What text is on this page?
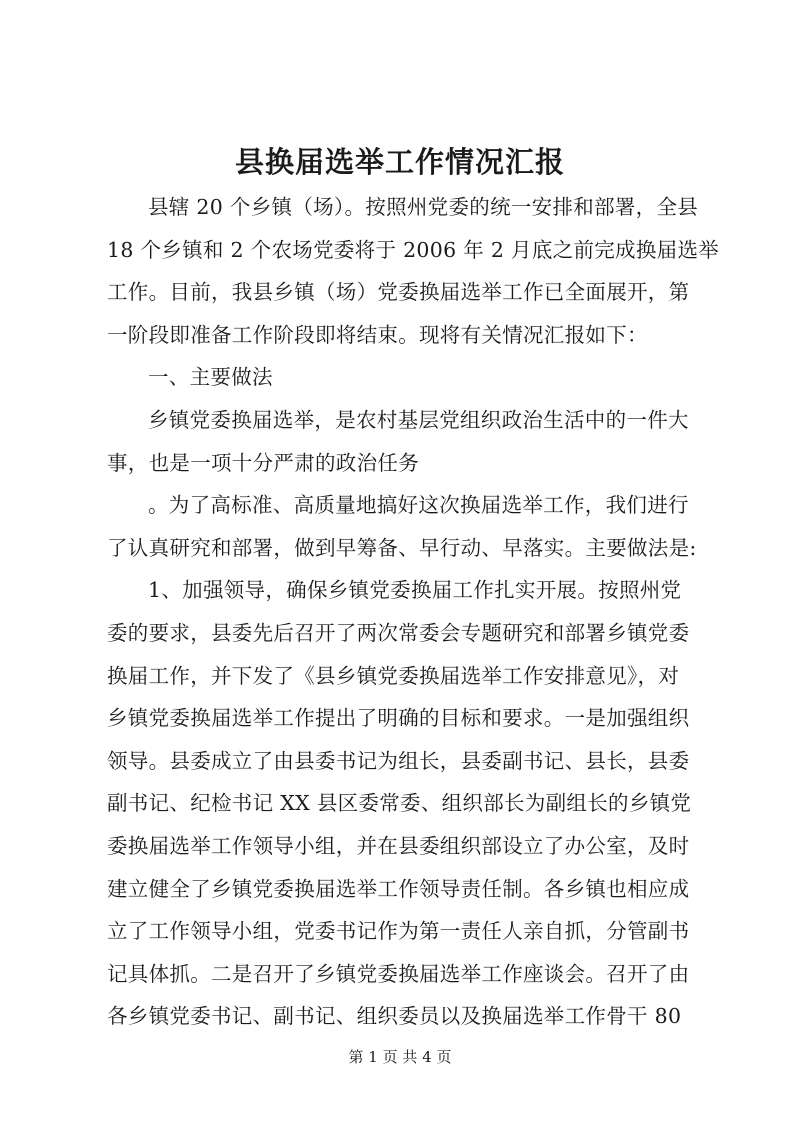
县换届选举工作情况汇报
县辖 20 个乡镇（场）。按照州党委的统一安排和部署，全县
18 个乡镇和 2 个农场党委将于 2006 年 2 月底之前完成换届选举
工作。目前，我县乡镇（场）党委换届选举工作已全面展开，第
一阶段即准备工作阶段即将结束。现将有关情况汇报如下：
一、主要做法
乡镇党委换届选举，是农村基层党组织政治生活中的一件大
事，也是一项十分严肃的政治任务
。为了高标准、高质量地搞好这次换届选举工作，我们进行
了认真研究和部署，做到早筹备、早行动、早落实。主要做法是:
1、加强领导，确保乡镇党委换届工作扎实开展。按照州党
委的要求，县委先后召开了两次常委会专题研究和部署乡镇党委
换届工作，并下发了《县乡镇党委换届选举工作安排意见》，对
乡镇党委换届选举工作提出了明确的目标和要求。一是加强组织
领导。县委成立了由县委书记为组长，县委副书记、县长，县委
副书记、纪检书记 XX 县区委常委、组织部长为副组长的乡镇党
委换届选举工作领导小组，并在县委组织部设立了办公室，及时
建立健全了乡镇党委换届选举工作领导责任制。各乡镇也相应成
立了工作领导小组，党委书记作为第一责任人亲自抓，分管副书
记具体抓。二是召开了乡镇党委换届选举工作座谈会。召开了由
各乡镇党委书记、副书记、组织委员以及换届选举工作骨干 80

第 1 页 共 4 页
